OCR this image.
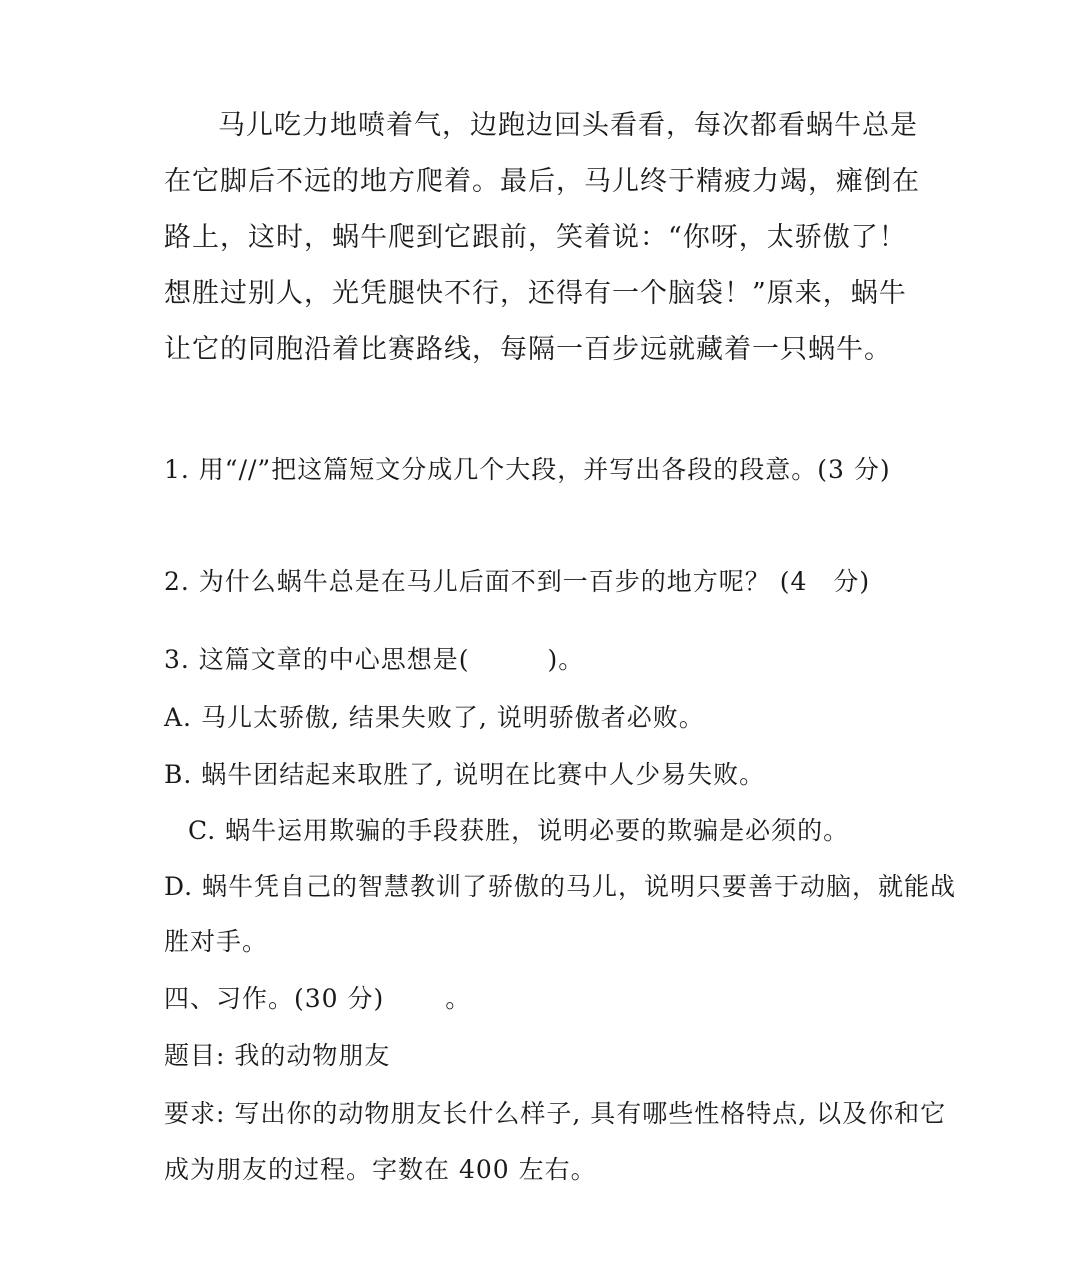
马儿吃力地喷着气，边跑边回头看看，每次都看蜗牛总是在它脚后不远的地方爬着。最后，马儿终于精疲力竭，瘫倒在路上，这时，蜗牛爬到它跟前，笑着说：“你呀，太骄傲了！想胜过别人，光凭腿快不行，还得有一个脑袋！”原来，蜗牛让它的同胞沿着比赛路线，每隔一百步远就藏着一只蜗牛。
1. 用“//”把这篇短文分成几个大段，并写出各段的段意。(3 分)
2. 为什么蜗牛总是在马儿后面不到一百步的地方呢？ (4　分)
3. 这篇文章的中心思想是(　　　)。
A. 马儿太骄傲, 结果失败了, 说明骄傲者必败。
B. 蜗牛团结起来取胜了, 说明在比赛中人少易失败。
C. 蜗牛运用欺骗的手段获胜，说明必要的欺骗是必须的。
D. 蜗牛凭自己的智慧教训了骄傲的马儿，说明只要善于动脑，就能战
胜对手。
四、习作。(30 分)　　 。
题目: 我的动物朋友
要求: 写出你的动物朋友长什么样子, 具有哪些性格特点, 以及你和它
成为朋友的过程。字数在 400 左右。
